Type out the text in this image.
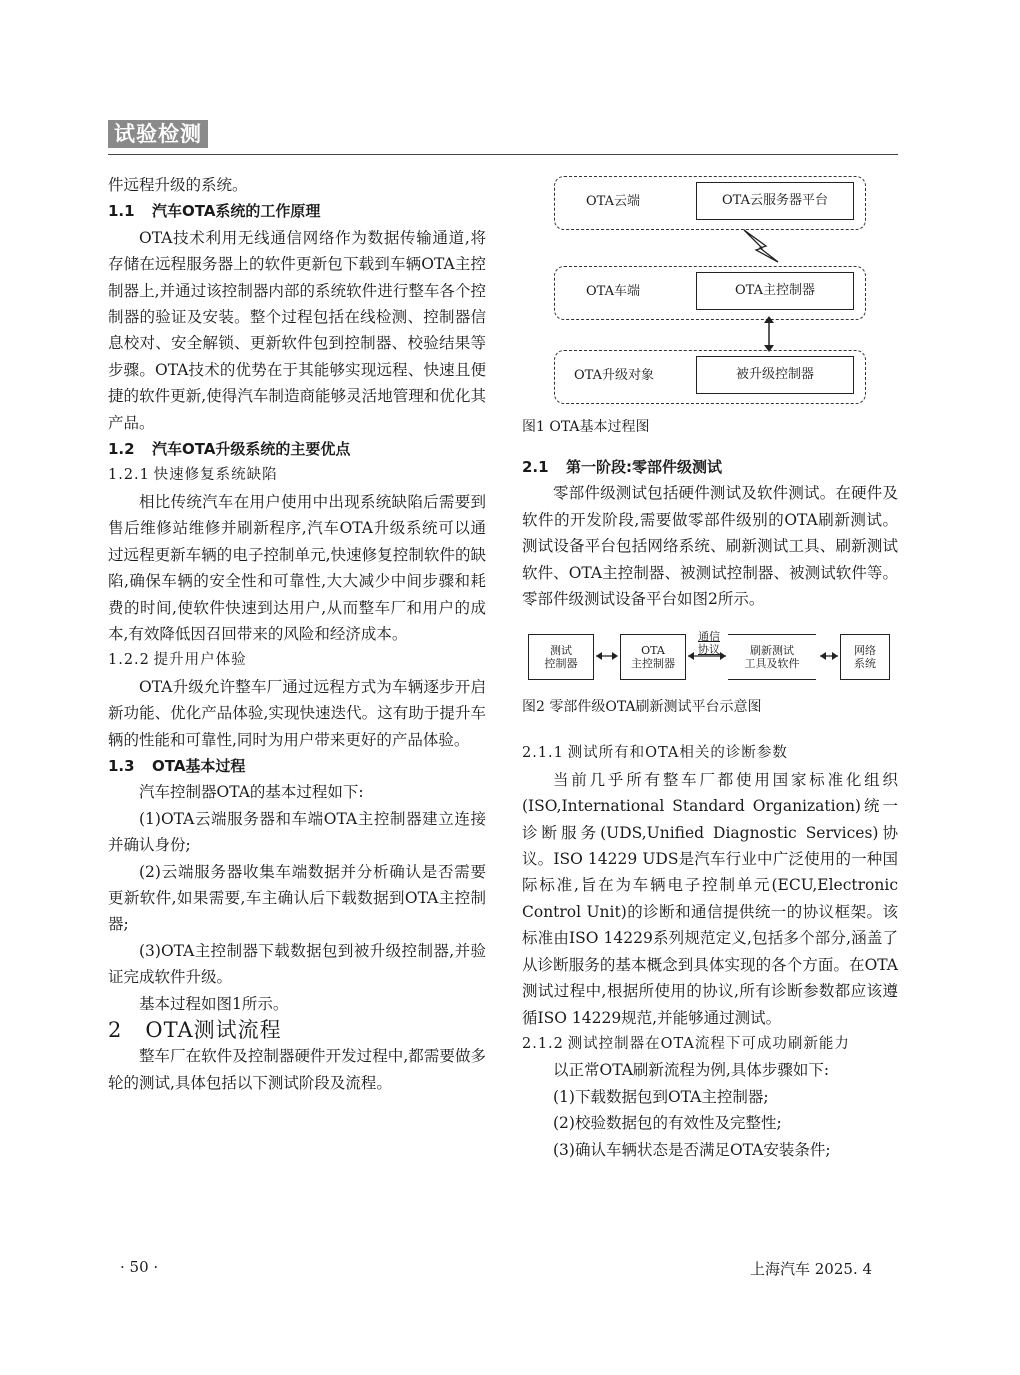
试验检测

件远程升级的系统。

1.1 汽车OTA系统的工作原理

OTA技术利用无线通信网络作为数据传输通道,将存储在远程服务器上的软件更新包下载到车辆OTA主控制器上,并通过该控制器内部的系统软件进行整车各个控制器的验证及安装。整个过程包括在线检测、控制器信息校对、安全解锁、更新软件包到控制器、校验结果等步骤。OTA技术的优势在于其能够实现远程、快速且便捷的软件更新,使得汽车制造商能够灵活地管理和优化其产品。

1.2 汽车OTA升级系统的主要优点

1.2.1 快速修复系统缺陷

相比传统汽车在用户使用中出现系统缺陷后需要到售后维修站维修并刷新程序,汽车OTA升级系统可以通过远程更新车辆的电子控制单元,快速修复控制软件的缺陷,确保车辆的安全性和可靠性,大大减少中间步骤和耗费的时间,使软件快速到达用户,从而整车厂和用户的成本,有效降低因召回带来的风险和经济成本。

1.2.2 提升用户体验

OTA升级允许整车厂通过远程方式为车辆逐步开启新功能、优化产品体验,实现快速迭代。这有助于提升车辆的性能和可靠性,同时为用户带来更好的产品体验。

1.3 OTA基本过程

汽车控制器OTA的基本过程如下:

(1)OTA云端服务器和车端OTA主控制器建立连接并确认身份;

(2)云端服务器收集车端数据并分析确认是否需要更新软件,如果需要,车主确认后下载数据到OTA主控制器;

(3)OTA主控制器下载数据包到被升级控制器,并验证完成软件升级。

基本过程如图1所示。

2 OTA测试流程

整车厂在软件及控制器硬件开发过程中,都需要做多轮的测试,具体包括以下测试阶段及流程。

OTA云端	OTA云服务器平台
OTA车端	OTA主控制器
OTA升级对象	被升级控制器

图1 OTA基本过程图

2.1 第一阶段:零部件级测试

零部件级测试包括硬件测试及软件测试。在硬件及软件的开发阶段,需要做零部件级别的OTA刷新测试。测试设备平台包括网络系统、刷新测试工具、刷新测试软件、OTA主控制器、被测试控制器、被测试软件等。零部件级测试设备平台如图2所示。

测试
控制器
OTA
主控制器
通信
协议	刷新测试
工具及软件
网络
系统

图2 零部件级OTA刷新测试平台示意图

2.1.1 测试所有和OTA相关的诊断参数

当前几乎所有整车厂都使用国家标准化组织(ISO,International Standard Organization)统一诊断服务(UDS,Unified Diagnostic Services)协议。ISO 14229 UDS是汽车行业中广泛使用的一种国际标准,旨在为车辆电子控制单元(ECU,Electronic Control Unit)的诊断和通信提供统一的协议框架。该标准由ISO 14229系列规范定义,包括多个部分,涵盖了从诊断服务的基本概念到具体实现的各个方面。在OTA测试过程中,根据所使用的协议,所有诊断参数都应该遵循ISO 14229规范,并能够通过测试。

2.1.2 测试控制器在OTA流程下可成功刷新能力

以正常OTA刷新流程为例,具体步骤如下:

(1)下载数据包到OTA主控制器;

(2)校验数据包的有效性及完整性;

(3)确认车辆状态是否满足OTA安装条件;

· 50 ·	上海汽车 2025. 4
